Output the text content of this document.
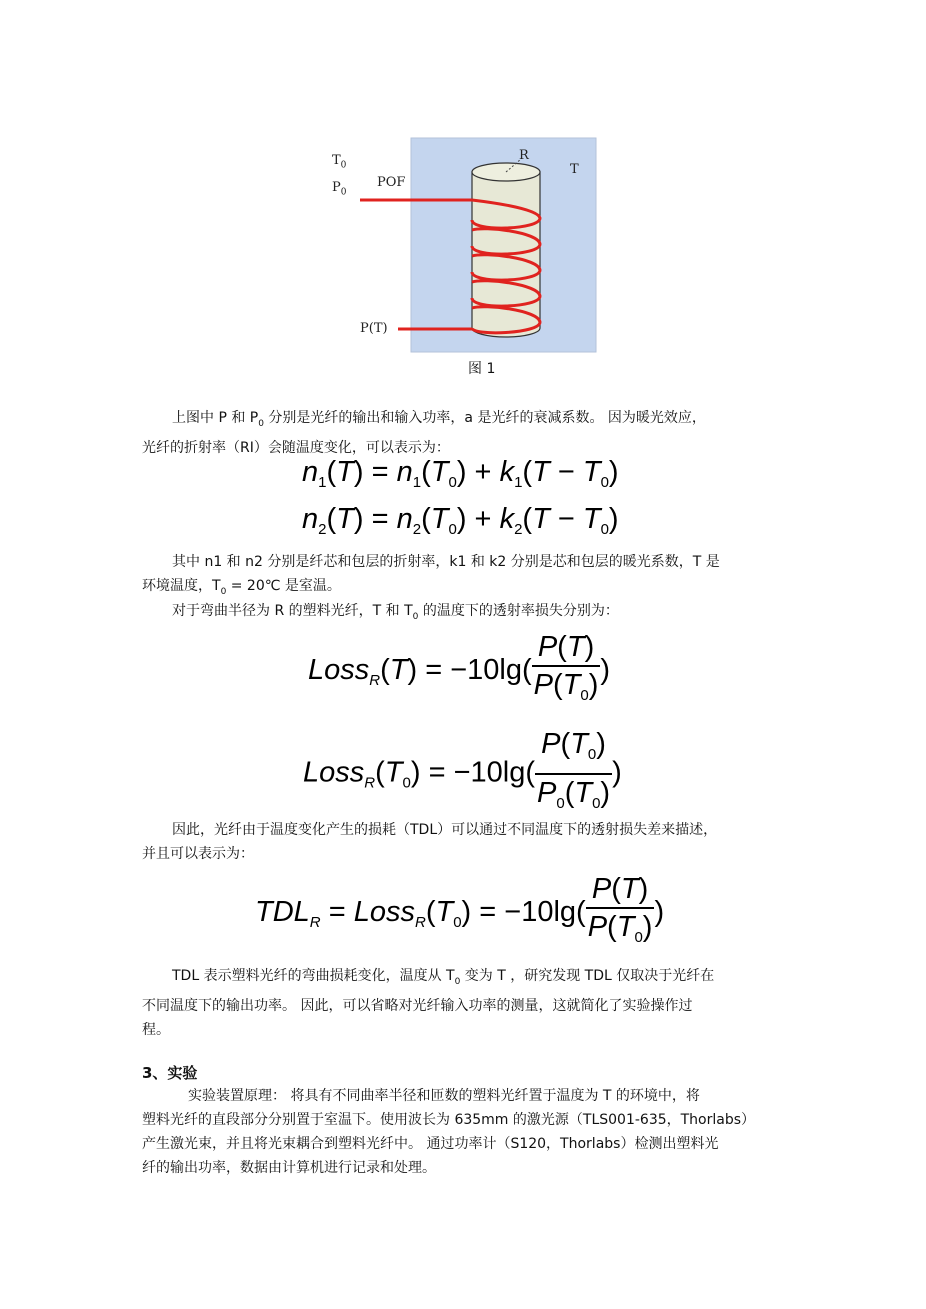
$T_0$
$P_0$
POF
R
T
P(T)
图 1
上图中 P 和 $P_0$ 分别是光纤的输出和输入功率，a 是光纤的衰减系数。 因为暖光效应，
光纤的折射率（RI）会随温度变化，可以表示为：
$n_1(T) = n_1(T_0) + k_1(T - T_0)$
$n_2(T) = n_2(T_0) + k_2(T - T_0)$
其中 n1 和 n2 分别是纤芯和包层的折射率，k1 和 k2 分别是芯和包层的暖光系数，T 是
环境温度，$T_0$ = 20℃ 是室温。
对于弯曲半径为 R 的塑料光纤，T 和 $T_0$ 的温度下的透射率损失分别为：
Loss$_R$(T) = $-10\lg( \frac{P(T)}{P(T_0)}$ )
$Loss_R(T_0) = -10\lg( \frac{P(T_0)}{P_0(T_0)}$ )
因此，光纤由于温度变化产生的损耗（TDL）可以通过不同温度下的透射损失差来描述，
并且可以表示为：
$TDL_R$ = $Loss_R(T_0) = -10\lg( \frac{P(T)}{P(T_0)}$ )
TDL 表示塑料光纤的弯曲损耗变化，温度从 $T_0$ 变为 T ，研究发现 TDL 仅取决于光纤在
不同温度下的输出功率。 因此，可以省略对光纤输入功率的测量，这就简化了实验操作过
程。
3、实验
实验装置原理： 将具有不同曲率半径和匝数的塑料光纤置于温度为 T 的环境中，将
塑料光纤的直段部分分别置于室温下。使用波长为 635mm 的激光源（TLS001-635，Thorlabs）
产生激光束，并且将光束耦合到塑料光纤中。 通过功率计（S120，Thorlabs）检测出塑料光
纤的输出功率，数据由计算机进行记录和处理。
